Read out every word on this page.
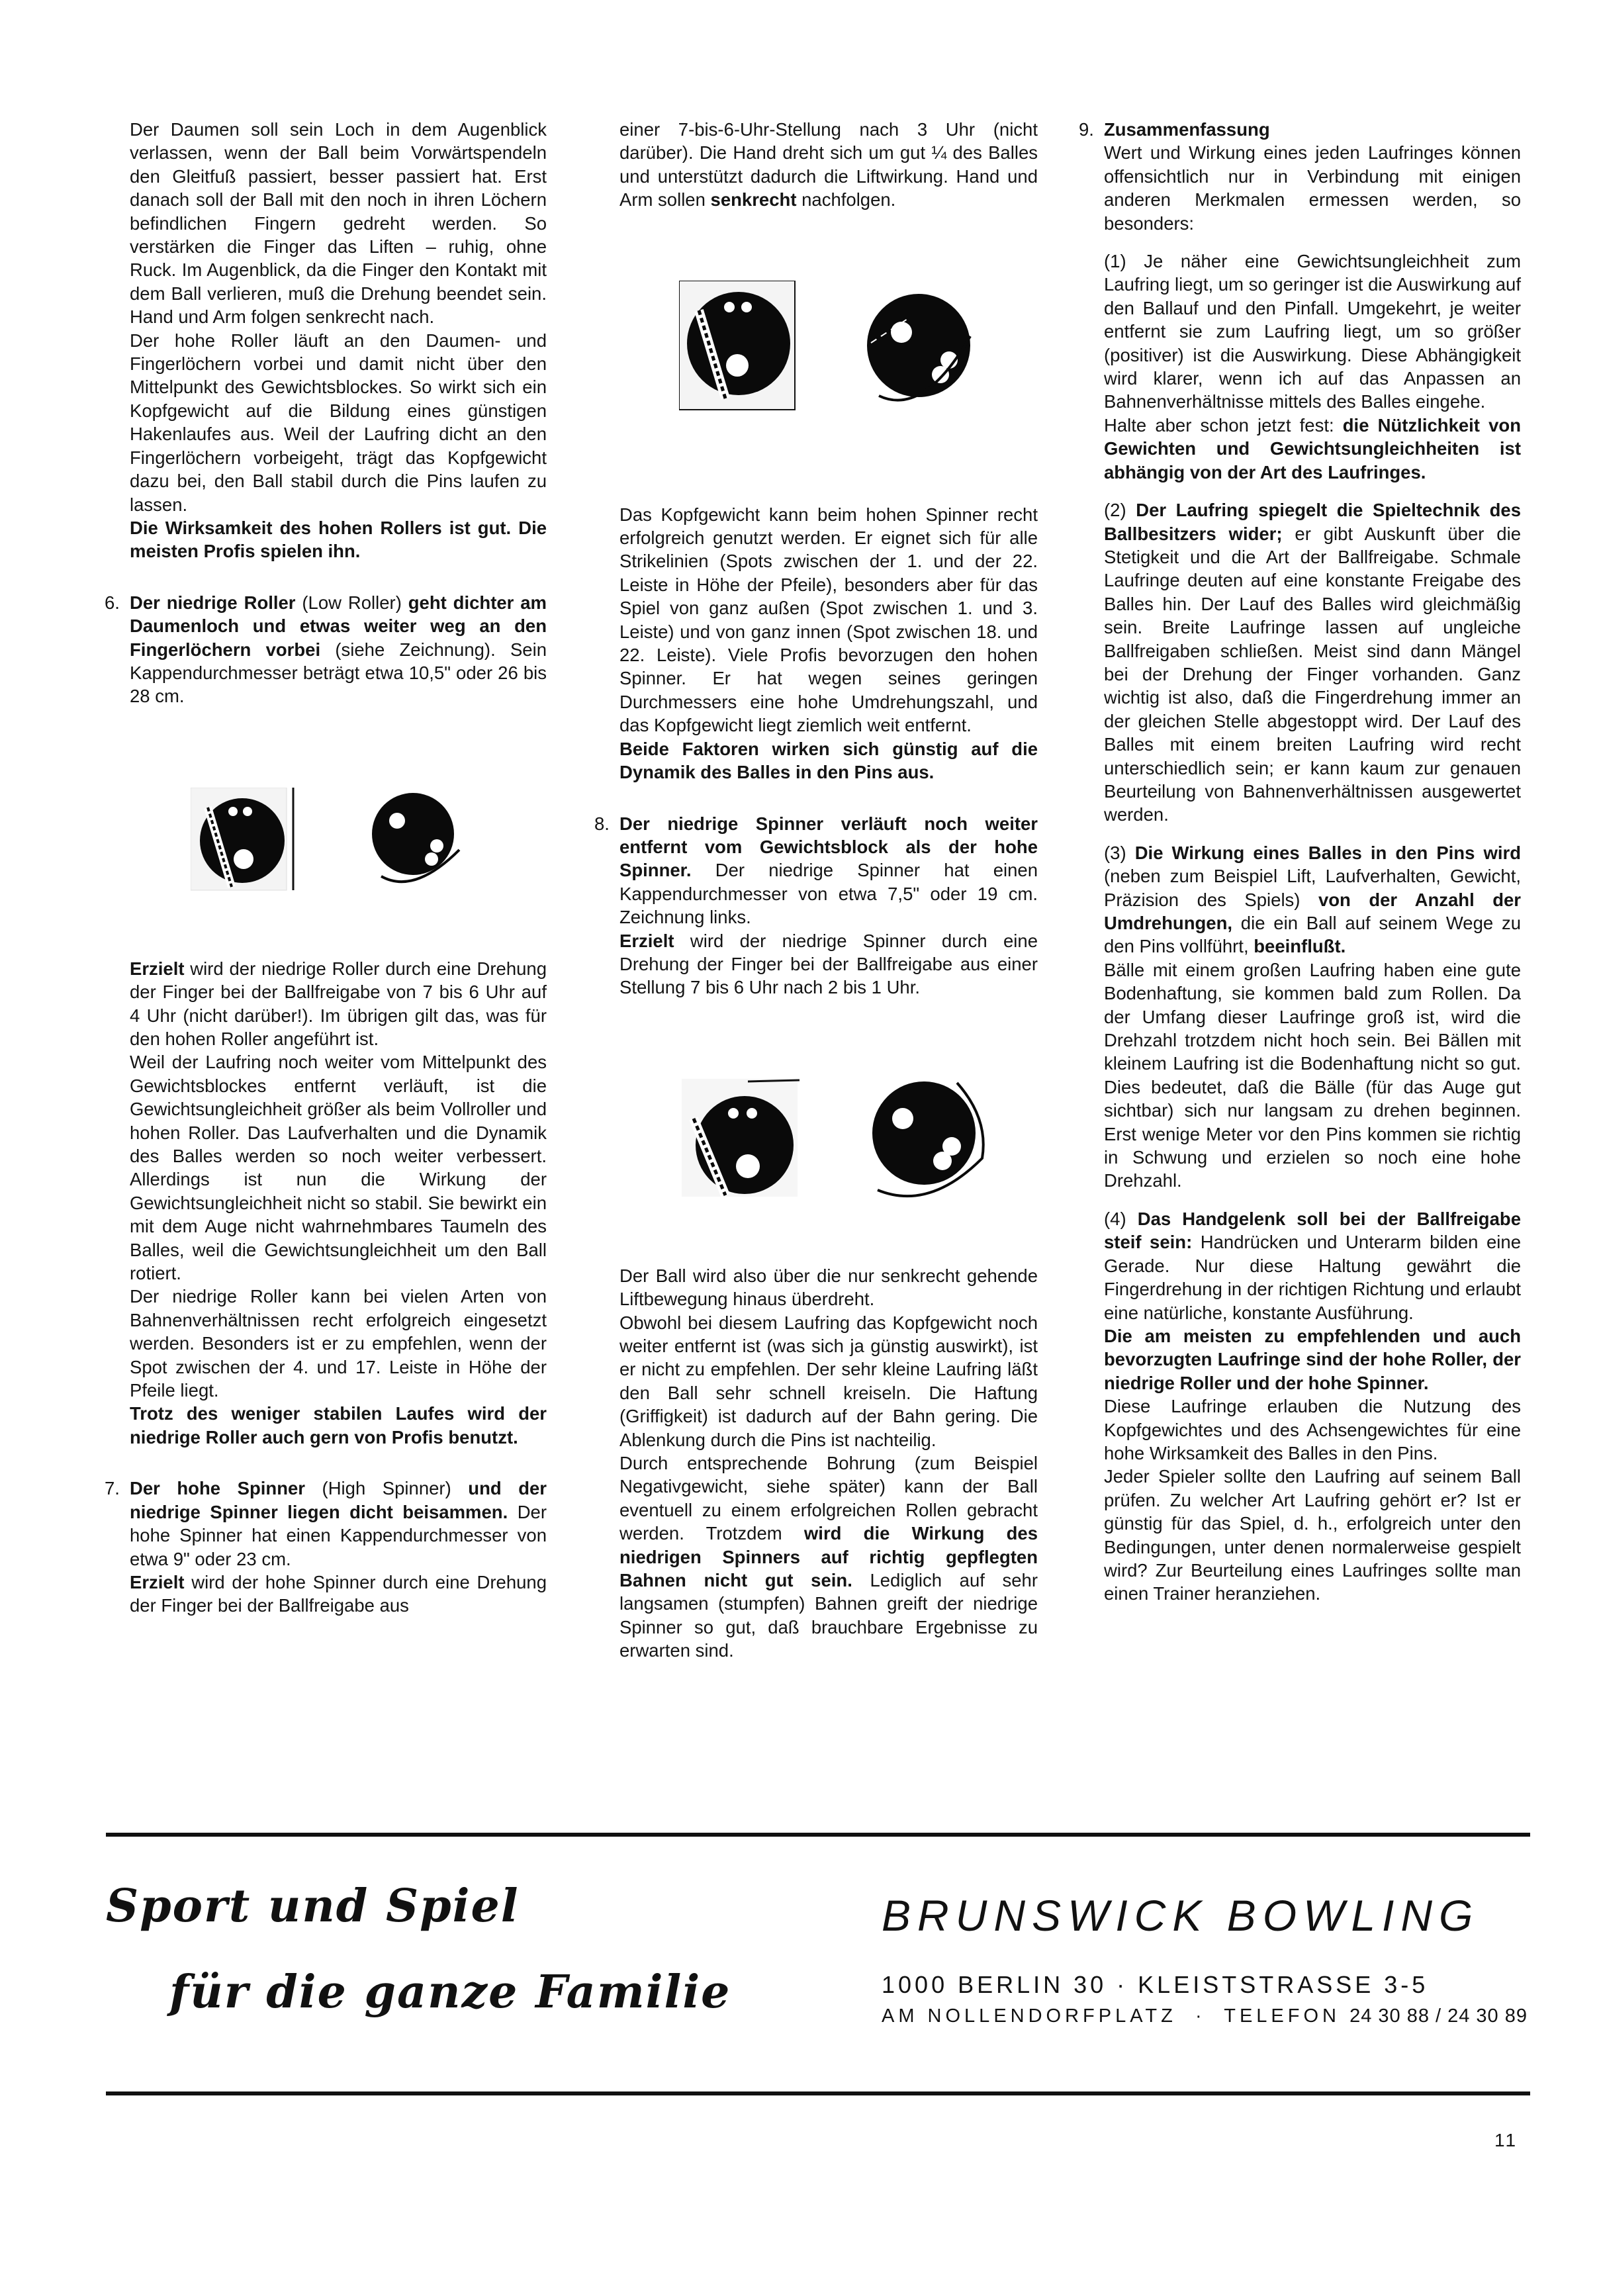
Der Daumen soll sein Loch in dem Augenblick verlassen, wenn der Ball beim Vorwärtspendeln den Gleitfuß passiert, besser passiert hat. Erst danach soll der Ball mit den noch in ihren Löchern befindlichen Fingern gedreht werden. So verstärken die Finger das Liften – ruhig, ohne Ruck. Im Augenblick, da die Finger den Kontakt mit dem Ball verlieren, muß die Drehung beendet sein. Hand und Arm folgen senkrecht nach.

Der hohe Roller läuft an den Daumen- und Fingerlöchern vorbei und damit nicht über den Mittelpunkt des Gewichtsblockes. So wirkt sich ein Kopfgewicht auf die Bildung eines günstigen Hakenlaufes aus. Weil der Laufring dicht an den Fingerlöchern vorbeigeht, trägt das Kopfgewicht dazu bei, den Ball stabil durch die Pins laufen zu lassen.

Die Wirksamkeit des hohen Rollers ist gut. Die meisten Profis spielen ihn.

6. Der niedrige Roller (Low Roller) geht dichter am Daumenloch und etwas weiter weg an den Fingerlöchern vorbei (siehe Zeichnung). Sein Kappendurchmesser beträgt etwa 10,5" oder 26 bis 28 cm.

Erzielt wird der niedrige Roller durch eine Drehung der Finger bei der Ballfreigabe von 7 bis 6 Uhr auf 4 Uhr (nicht darüber!). Im übrigen gilt das, was für den hohen Roller angeführt ist.

Weil der Laufring noch weiter vom Mittelpunkt des Gewichtsblockes entfernt verläuft, ist die Gewichtsungleichheit größer als beim Vollroller und hohen Roller. Das Laufverhalten und die Dynamik des Balles werden so noch weiter verbessert. Allerdings ist nun die Wirkung der Gewichtsungleichheit nicht so stabil. Sie bewirkt ein mit dem Auge nicht wahrnehmbares Taumeln des Balles, weil die Gewichtsungleichheit um den Ball rotiert.

Der niedrige Roller kann bei vielen Arten von Bahnenverhältnissen recht erfolgreich eingesetzt werden. Besonders ist er zu empfehlen, wenn der Spot zwischen der 4. und 17. Leiste in Höhe der Pfeile liegt.

Trotz des weniger stabilen Laufes wird der niedrige Roller auch gern von Profis benutzt.

7. Der hohe Spinner (High Spinner) und der niedrige Spinner liegen dicht beisammen. Der hohe Spinner hat einen Kappendurchmesser von etwa 9" oder 23 cm.

Erzielt wird der hohe Spinner durch eine Drehung der Finger bei der Ballfreigabe aus

einer 7-bis-6-Uhr-Stellung nach 3 Uhr (nicht darüber). Die Hand dreht sich um gut ¼ des Balles und unterstützt dadurch die Liftwirkung. Hand und Arm sollen senkrecht nachfolgen.

Das Kopfgewicht kann beim hohen Spinner recht erfolgreich genutzt werden. Er eignet sich für alle Strikelinien (Spots zwischen der 1. und der 22. Leiste in Höhe der Pfeile), besonders aber für das Spiel von ganz außen (Spot zwischen 1. und 3. Leiste) und von ganz innen (Spot zwischen 18. und 22. Leiste). Viele Profis bevorzugen den hohen Spinner. Er hat wegen seines geringen Durchmessers eine hohe Umdrehungszahl, und das Kopfgewicht liegt ziemlich weit entfernt.

Beide Faktoren wirken sich günstig auf die Dynamik des Balles in den Pins aus.

8. Der niedrige Spinner verläuft noch weiter entfernt vom Gewichtsblock als der hohe Spinner. Der niedrige Spinner hat einen Kappendurchmesser von etwa 7,5" oder 19 cm. Zeichnung links.

Erzielt wird der niedrige Spinner durch eine Drehung der Finger bei der Ballfreigabe aus einer Stellung 7 bis 6 Uhr nach 2 bis 1 Uhr.

Der Ball wird also über die nur senkrecht gehende Liftbewegung hinaus überdreht.

Obwohl bei diesem Laufring das Kopfgewicht noch weiter entfernt ist (was sich ja günstig auswirkt), ist er nicht zu empfehlen. Der sehr kleine Laufring läßt den Ball sehr schnell kreiseln. Die Haftung (Griffigkeit) ist dadurch auf der Bahn gering. Die Ablenkung durch die Pins ist nachteilig.

Durch entsprechende Bohrung (zum Beispiel Negativgewicht, siehe später) kann der Ball eventuell zu einem erfolgreichen Rollen gebracht werden. Trotzdem wird die Wirkung des niedrigen Spinners auf richtig gepflegten Bahnen nicht gut sein. Lediglich auf sehr langsamen (stumpfen) Bahnen greift der niedrige Spinner so gut, daß brauchbare Ergebnisse zu erwarten sind.

9. Zusammenfassung

Wert und Wirkung eines jeden Laufringes können offensichtlich nur in Verbindung mit einigen anderen Merkmalen ermessen werden, so besonders:

(1) Je näher eine Gewichtsungleichheit zum Laufring liegt, um so geringer ist die Auswirkung auf den Ballauf und den Pinfall. Umgekehrt, je weiter entfernt sie zum Laufring liegt, um so größer (positiver) ist die Auswirkung. Diese Abhängigkeit wird klarer, wenn ich auf das Anpassen an Bahnenverhältnisse mittels des Balles eingehe.

Halte aber schon jetzt fest: die Nützlichkeit von Gewichten und Gewichtsungleichheiten ist abhängig von der Art des Laufringes.

(2) Der Laufring spiegelt die Spieltechnik des Ballbesitzers wider; er gibt Auskunft über die Stetigkeit und die Art der Ballfreigabe. Schmale Laufringe deuten auf eine konstante Freigabe des Balles hin. Der Lauf des Balles wird gleichmäßig sein. Breite Laufringe lassen auf ungleiche Ballfreigaben schließen. Meist sind dann Mängel bei der Drehung der Finger vorhanden. Ganz wichtig ist also, daß die Fingerdrehung immer an der gleichen Stelle abgestoppt wird. Der Lauf des Balles mit einem breiten Laufring wird recht unterschiedlich sein; er kann kaum zur genauen Beurteilung von Bahnenverhältnissen ausgewertet werden.

(3) Die Wirkung eines Balles in den Pins wird (neben zum Beispiel Lift, Laufverhalten, Gewicht, Präzision des Spiels) von der Anzahl der Umdrehungen, die ein Ball auf seinem Wege zu den Pins vollführt, beeinflußt.

Bälle mit einem großen Laufring haben eine gute Bodenhaftung, sie kommen bald zum Rollen. Da der Umfang dieser Laufringe groß ist, wird die Drehzahl trotzdem nicht hoch sein. Bei Bällen mit kleinem Laufring ist die Bodenhaftung nicht so gut. Dies bedeutet, daß die Bälle (für das Auge gut sichtbar) sich nur langsam zu drehen beginnen. Erst wenige Meter vor den Pins kommen sie richtig in Schwung und erzielen so noch eine hohe Drehzahl.

(4) Das Handgelenk soll bei der Ballfreigabe steif sein: Handrücken und Unterarm bilden eine Gerade. Nur diese Haltung gewährt die Fingerdrehung in der richtigen Richtung und erlaubt eine natürliche, konstante Ausführung.

Die am meisten zu empfehlenden und auch bevorzugten Laufringe sind der hohe Roller, der niedrige Roller und der hohe Spinner.

Diese Laufringe erlauben die Nutzung des Kopfgewichtes und des Achsengewichtes für eine hohe Wirksamkeit des Balles in den Pins.

Jeder Spieler sollte den Laufring auf seinem Ball prüfen. Zu welcher Art Laufring gehört er? Ist er günstig für das Spiel, d. h., erfolgreich unter den Bedingungen, unter denen normalerweise gespielt wird? Zur Beurteilung eines Laufringes sollte man einen Trainer heranziehen.

Sport und Spiel
für die ganze Familie
BRUNSWICK BOWLING
1000 BERLIN 30 · KLEISTSTRASSE 3-5
AM NOLLENDORFPLATZ · TELEFON 24 30 88 / 24 30 89
11
